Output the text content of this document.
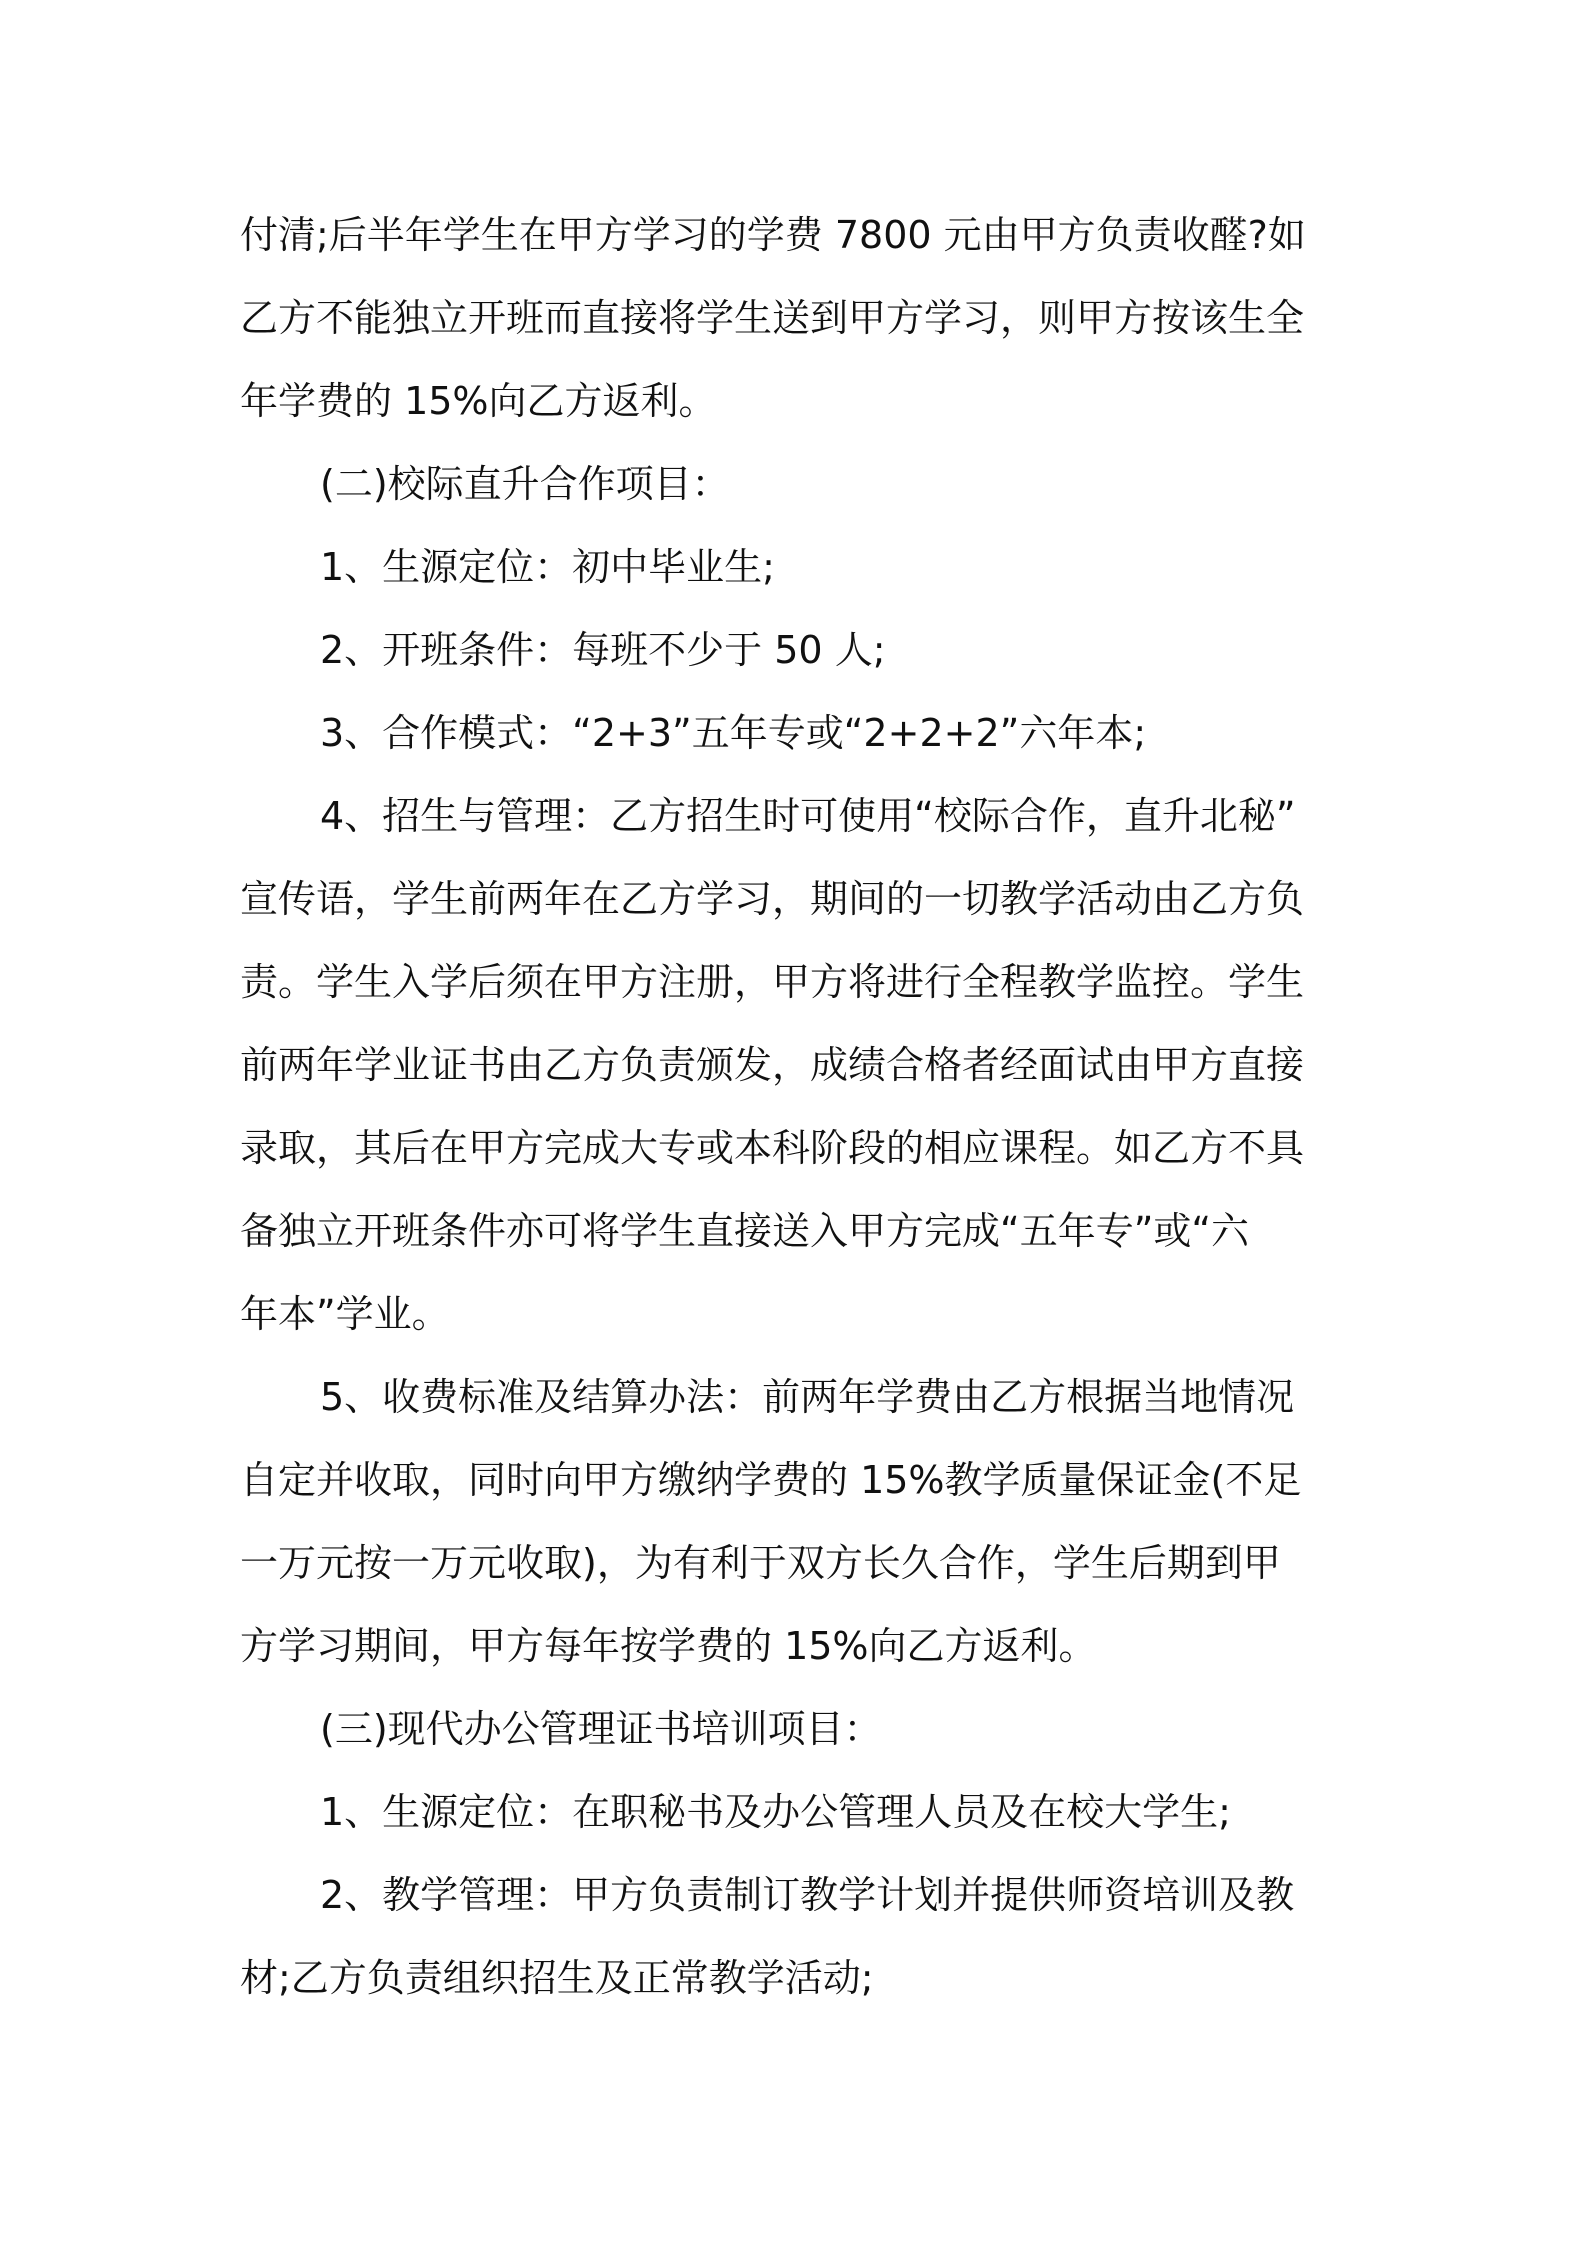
付清;后半年学生在甲方学习的学费 7800 元由甲方负责收醛?如
乙方不能独立开班而直接将学生送到甲方学习，则甲方按该生全
年学费的 15%向乙方返利。
(二)校际直升合作项目：
1、生源定位：初中毕业生;
2、开班条件：每班不少于 50 人;
3、合作模式：“2+3”五年专或“2+2+2”六年本;
4、招生与管理：乙方招生时可使用“校际合作，直升北秘”
宣传语，学生前两年在乙方学习，期间的一切教学活动由乙方负
责。学生入学后须在甲方注册，甲方将进行全程教学监控。学生
前两年学业证书由乙方负责颁发，成绩合格者经面试由甲方直接
录取，其后在甲方完成大专或本科阶段的相应课程。如乙方不具
备独立开班条件亦可将学生直接送入甲方完成“五年专”或“六
年本”学业。
5、收费标准及结算办法：前两年学费由乙方根据当地情况
自定并收取，同时向甲方缴纳学费的 15%教学质量保证金(不足
一万元按一万元收取)，为有利于双方长久合作，学生后期到甲
方学习期间，甲方每年按学费的 15%向乙方返利。
(三)现代办公管理证书培训项目：
1、生源定位：在职秘书及办公管理人员及在校大学生;
2、教学管理：甲方负责制订教学计划并提供师资培训及教
材;乙方负责组织招生及正常教学活动;
